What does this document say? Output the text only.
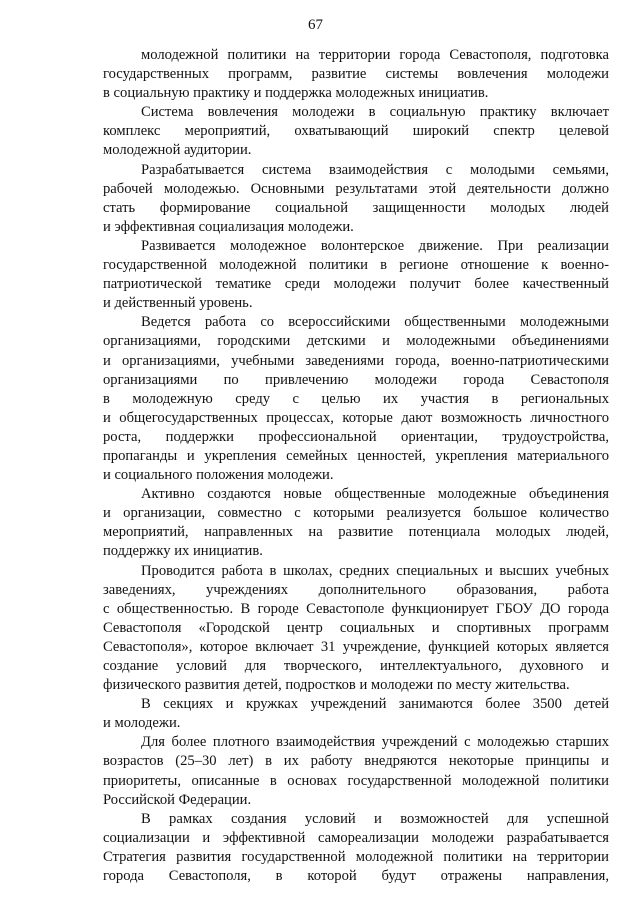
67

молодежной политики на территории города Севастополя, подготовка
государственных программ, развитие системы вовлечения молодежи
в социальную практику и поддержка молодежных инициатив.

Система вовлечения молодежи в социальную практику включает
комплекс мероприятий, охватывающий широкий спектр целевой
молодежной аудитории.

Разрабатывается система взаимодействия с молодыми семьями,
рабочей молодежью. Основными результатами этой деятельности должно
стать формирование социальной защищенности молодых людей
и эффективная социализация молодежи.

Развивается молодежное волонтерское движение. При реализации
государственной молодежной политики в регионе отношение к военно-
патриотической тематике среди молодежи получит более качественный
и действенный уровень.

Ведется работа со всероссийскими общественными молодежными
организациями, городскими детскими и молодежными объединениями
и организациями, учебными заведениями города, военно-патриотическими
организациями по привлечению молодежи города Севастополя
в молодежную среду с целью их участия в региональных
и общегосударственных процессах, которые дают возможность личностного
роста, поддержки профессиональной ориентации, трудоустройства,
пропаганды и укрепления семейных ценностей, укрепления материального
и социального положения молодежи.

Активно создаются новые общественные молодежные объединения
и организации, совместно с которыми реализуется большое количество
мероприятий, направленных на развитие потенциала молодых людей,
поддержку их инициатив.

Проводится работа в школах, средних специальных и высших учебных
заведениях, учреждениях дополнительного образования, работа
с общественностью. В городе Севастополе функционирует ГБОУ ДО города
Севастополя «Городской центр социальных и спортивных программ
Севастополя», которое включает 31 учреждение, функцией которых является
создание условий для творческого, интеллектуального, духовного и
физического развития детей, подростков и молодежи по месту жительства.

В секциях и кружках учреждений занимаются более 3500 детей
и молодежи.

Для более плотного взаимодействия учреждений с молодежью старших
возрастов (25–30 лет) в их работу внедряются некоторые принципы и
приоритеты, описанные в основах государственной молодежной политики
Российской Федерации.

В рамках создания условий и возможностей для успешной
социализации и эффективной самореализации молодежи разрабатывается
Стратегия развития государственной молодежной политики на территории
города Севастополя, в которой будут отражены направления,
